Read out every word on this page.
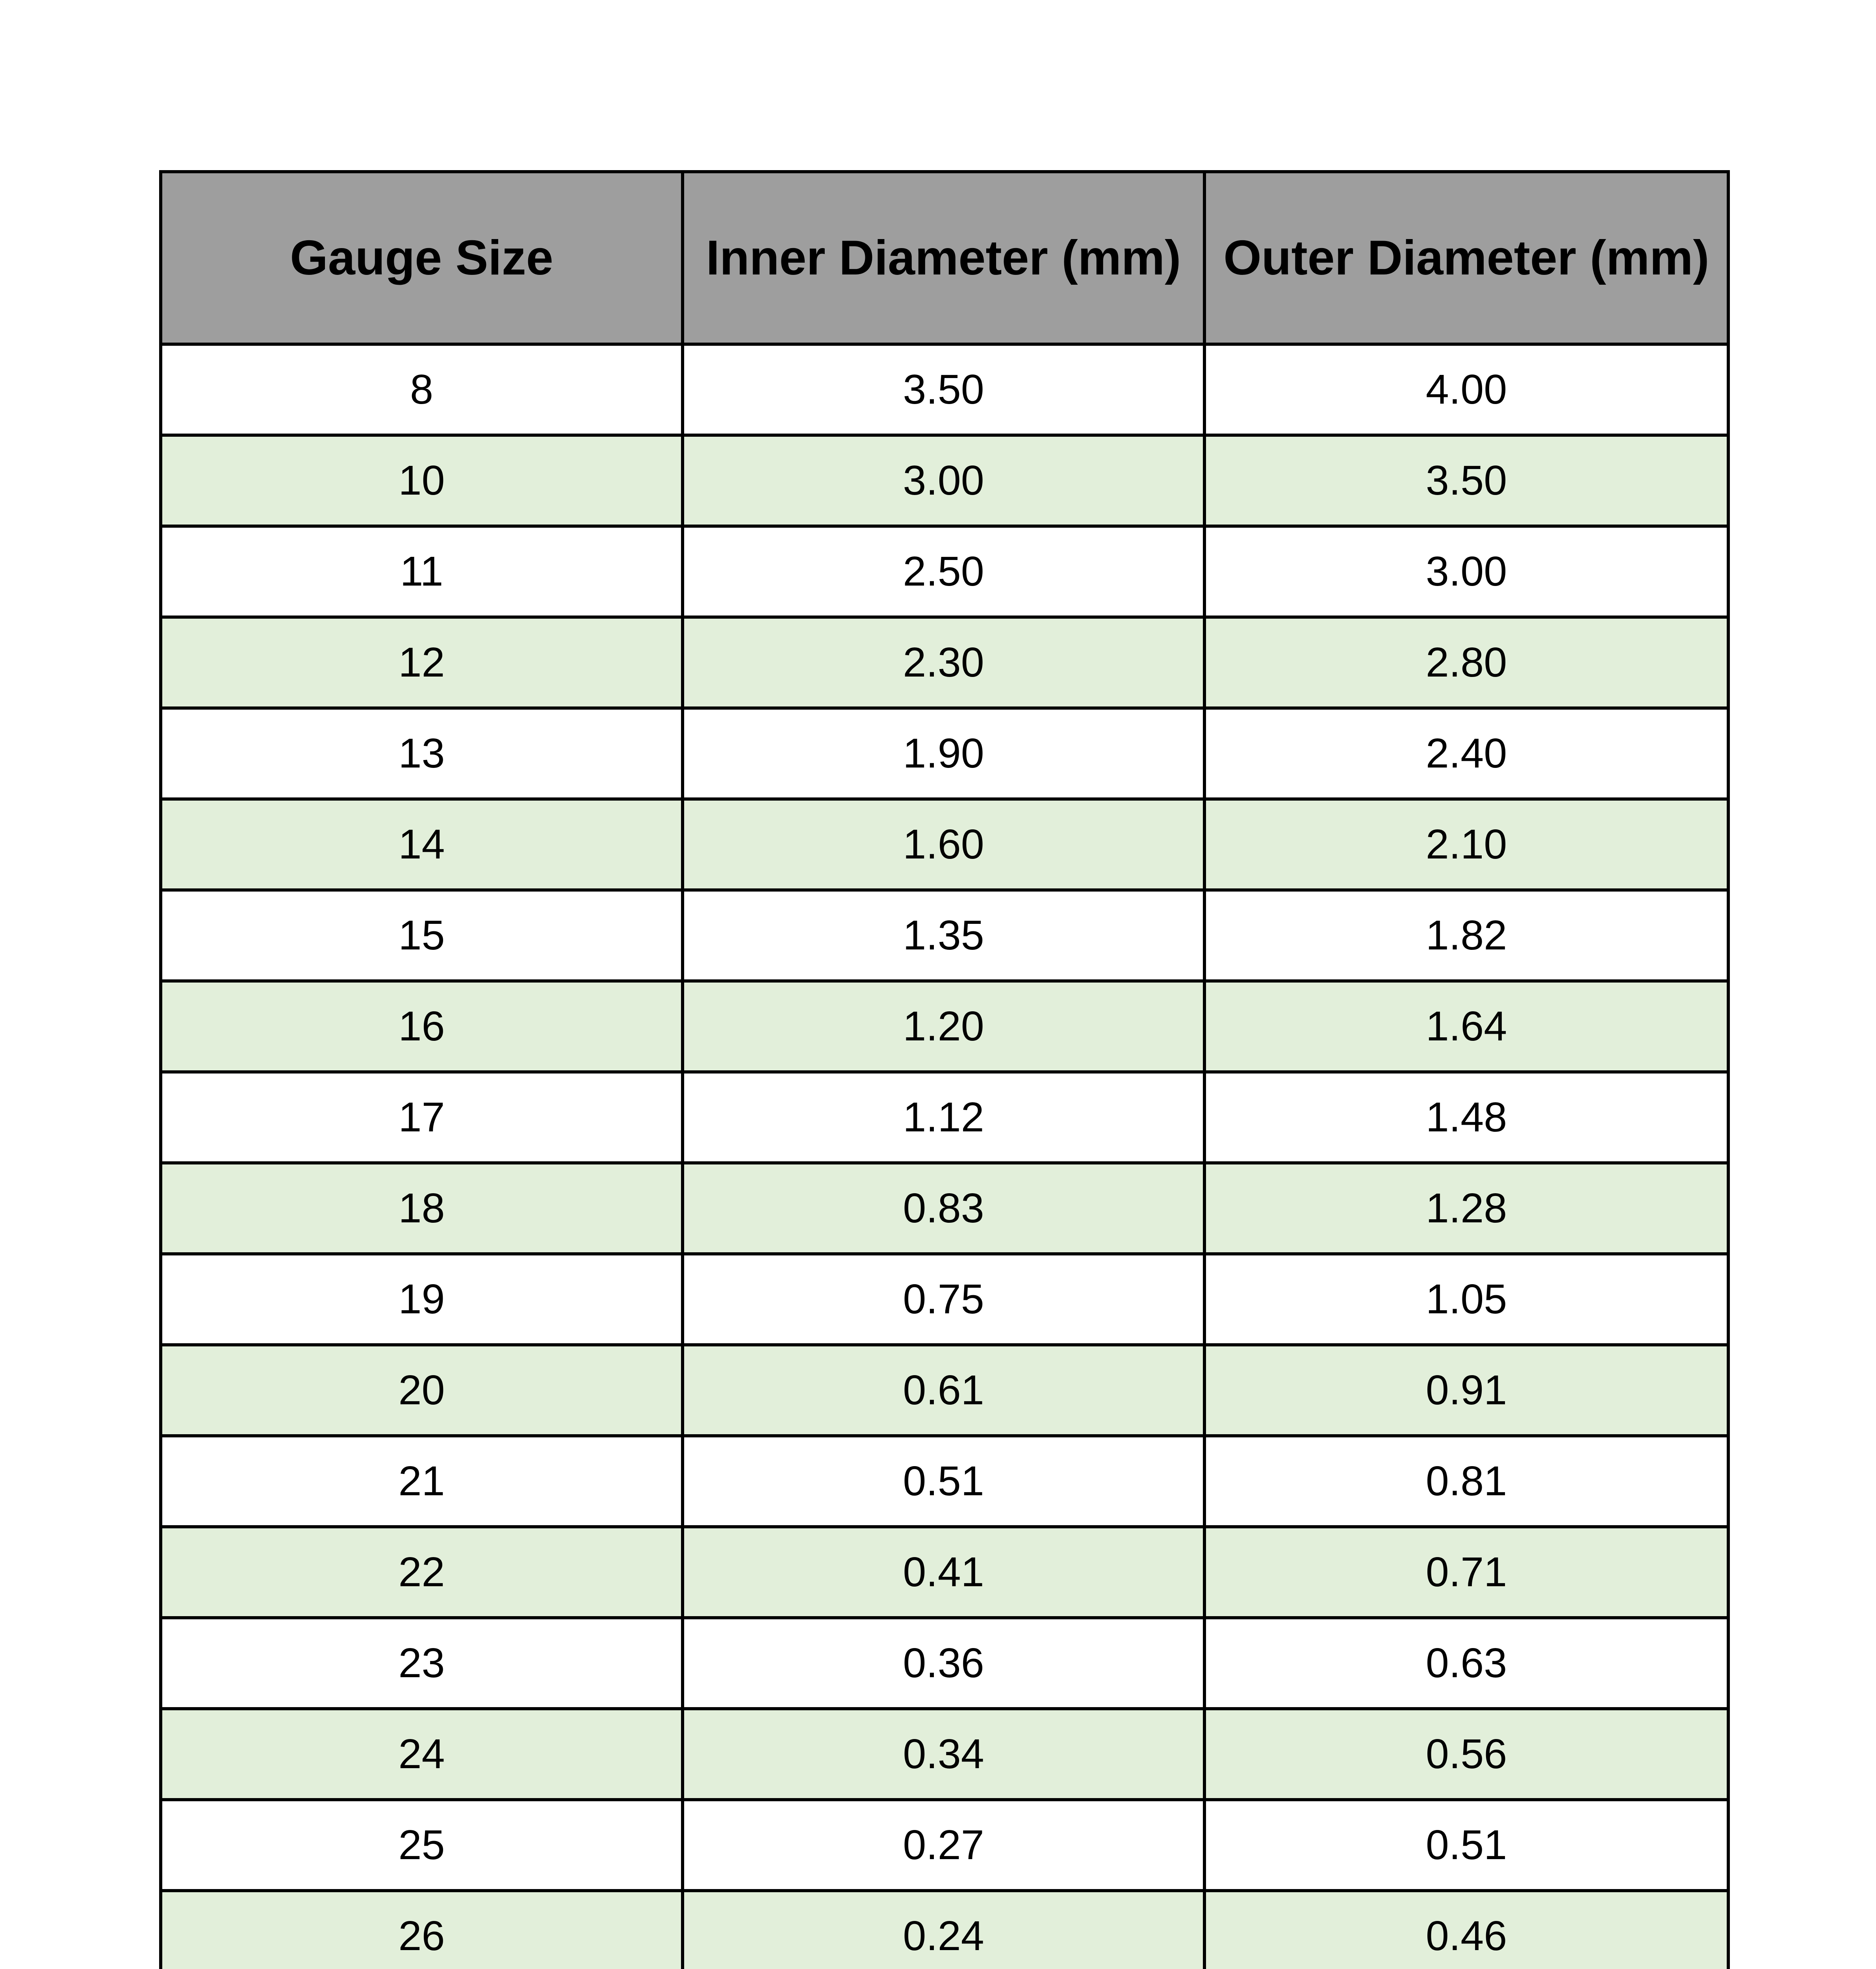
Gauge Size	Inner Diameter (mm)	Outer Diameter (mm)
8	3.50	4.00
10	3.00	3.50
11	2.50	3.00
12	2.30	2.80
13	1.90	2.40
14	1.60	2.10
15	1.35	1.82
16	1.20	1.64
17	1.12	1.48
18	0.83	1.28
19	0.75	1.05
20	0.61	0.91
21	0.51	0.81
22	0.41	0.71
23	0.36	0.63
24	0.34	0.56
25	0.27	0.51
26	0.24	0.46
